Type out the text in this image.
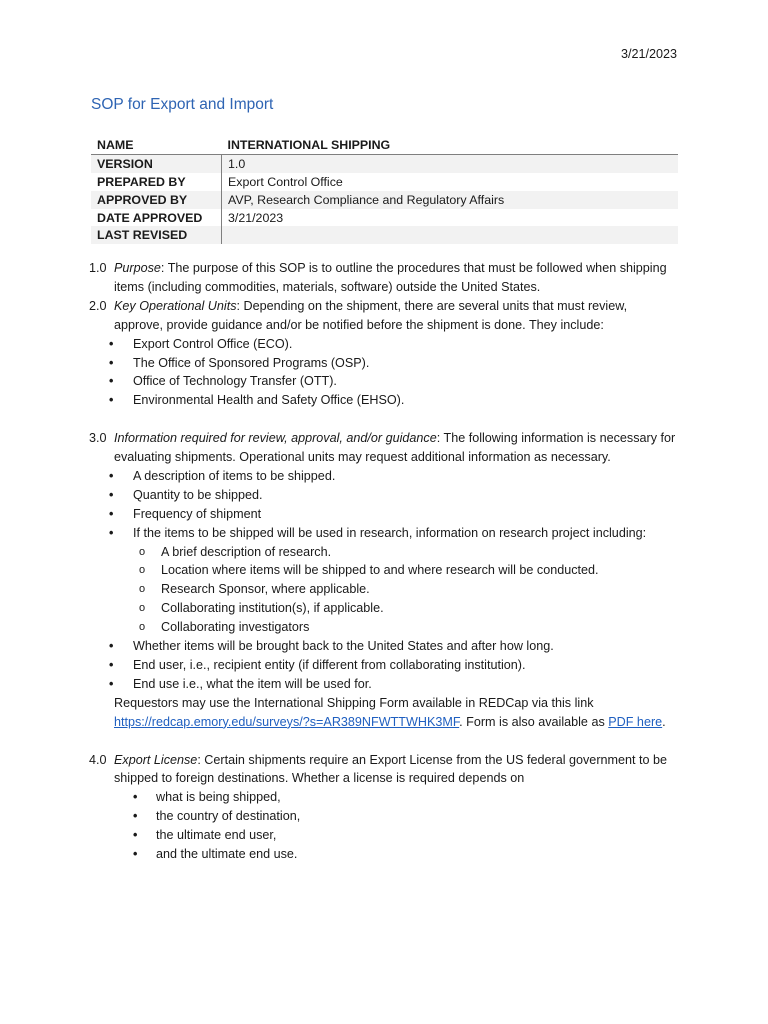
3/21/2023
SOP for Export and Import
NAME	INTERNATIONAL SHIPPING
VERSION	1.0
PREPARED BY	Export Control Office
APPROVED BY	AVP, Research Compliance and Regulatory Affairs
DATE APPROVED	3/21/2023
LAST REVISED	
1.0 Purpose: The purpose of this SOP is to outline the procedures that must be followed when shipping items (including commodities, materials, software) outside the United States.
2.0 Key Operational Units: Depending on the shipment, there are several units that must review, approve, provide guidance and/or be notified before the shipment is done. They include:
• Export Control Office (ECO).
• The Office of Sponsored Programs (OSP).
• Office of Technology Transfer (OTT).
• Environmental Health and Safety Office (EHSO).
3.0 Information required for review, approval, and/or guidance: The following information is necessary for evaluating shipments. Operational units may request additional information as necessary.
• A description of items to be shipped.
• Quantity to be shipped.
• Frequency of shipment
• If the items to be shipped will be used in research, information on research project including:
o A brief description of research.
o Location where items will be shipped to and where research will be conducted.
o Research Sponsor, where applicable.
o Collaborating institution(s), if applicable.
o Collaborating investigators
• Whether items will be brought back to the United States and after how long.
• End user, i.e., recipient entity (if different from collaborating institution).
• End use i.e., what the item will be used for.
Requestors may use the International Shipping Form available in REDCap via this link
https://redcap.emory.edu/surveys/?s=AR389NFWTTWHK3MF. Form is also available as PDF here.
4.0 Export License: Certain shipments require an Export License from the US federal government to be shipped to foreign destinations. Whether a license is required depends on
• what is being shipped,
• the country of destination,
• the ultimate end user,
• and the ultimate end use.
